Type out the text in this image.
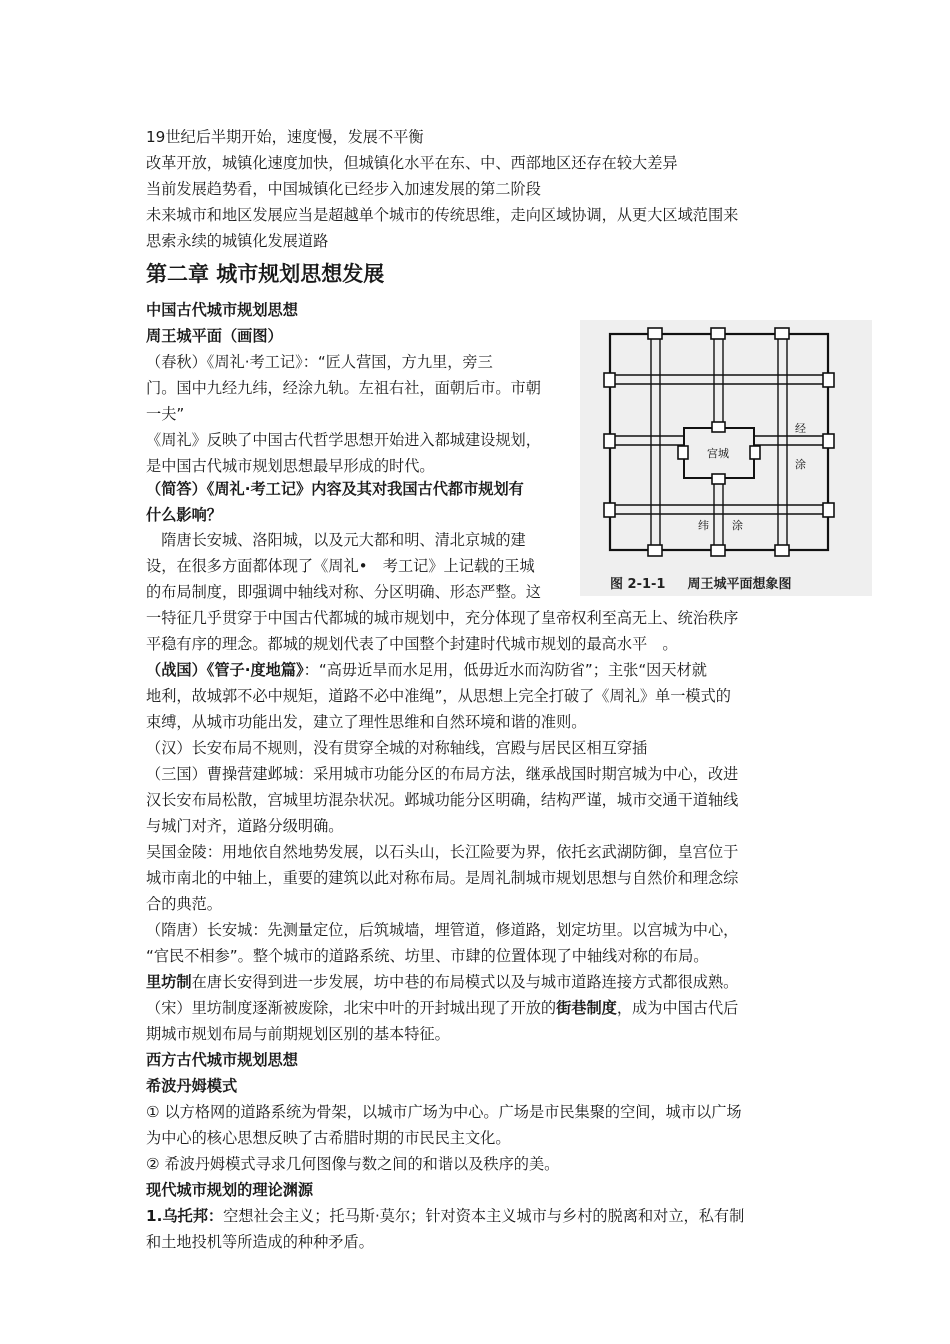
19世纪后半期开始，速度慢，发展不平衡
改革开放，城镇化速度加快，但城镇化水平在东、中、西部地区还存在较大差异
当前发展趋势看，中国城镇化已经步入加速发展的第二阶段
未来城市和地区发展应当是超越单个城市的传统思维，走向区域协调，从更大区域范围来
思索永续的城镇化发展道路
第二章 城市规划思想发展
中国古代城市规划思想
周王城平面（画图）
（春秋）《周礼·考工记》：“匠人营国，方九里，旁三
门。国中九经九纬，经涂九轨。左祖右社，面朝后市。市朝
一夫”
《周礼》反映了中国古代哲学思想开始进入都城建设规划，
是中国古代城市规划思想最早形成的时代。
（简答）《周礼·考工记》内容及其对我国古代都市规划有
什么影响？
　隋唐长安城、洛阳城，以及元大都和明、清北京城的建
设，在很多方面都体现了《周礼•　考工记》上记载的王城
的布局制度，即强调中轴线对称、分区明确、形态严整。这
一特征几乎贯穿于中国古代都城的城市规划中，充分体现了皇帝权利至高无上、统治秩序
平稳有序的理念。都城的规划代表了中国整个封建时代城市规划的最高水平　。
（战国）《管子·度地篇》：“高毋近旱而水足用，低毋近水而沟防省”；主张“因天材就
地利，故城郭不必中规矩，道路不必中准绳”，从思想上完全打破了《周礼》单一模式的
束缚，从城市功能出发，建立了理性思维和自然环境和谐的准则。
（汉）长安布局不规则，没有贯穿全城的对称轴线，宫殿与居民区相互穿插
（三国）曹操营建邺城：采用城市功能分区的布局方法，继承战国时期宫城为中心，改进
汉长安布局松散，宫城里坊混杂状况。邺城功能分区明确，结构严谨，城市交通干道轴线
与城门对齐，道路分级明确。
吴国金陵：用地依自然地势发展，以石头山，长江险要为界，依托玄武湖防御，皇宫位于
城市南北的中轴上，重要的建筑以此对称布局。是周礼制城市规划思想与自然价和理念综
合的典范。
（隋唐）长安城：先测量定位，后筑城墙，埋管道，修道路，划定坊里。以宫城为中心，
“官民不相参”。整个城市的道路系统、坊里、市肆的位置体现了中轴线对称的布局。
里坊制在唐长安得到进一步发展，坊中巷的布局模式以及与城市道路连接方式都很成熟。
（宋）里坊制度逐渐被废除，北宋中叶的开封城出现了开放的街巷制度，成为中国古代后
期城市规划布局与前期规划区别的基本特征。
西方古代城市规划思想
希波丹姆模式
① 以方格网的道路系统为骨架，以城市广场为中心。广场是市民集聚的空间，城市以广场
为中心的核心思想反映了古希腊时期的市民民主文化。
② 希波丹姆模式寻求几何图像与数之间的和谐以及秩序的美。
现代城市规划的理论渊源
1.乌托邦：空想社会主义；托马斯·莫尔；针对资本主义城市与乡村的脱离和对立，私有制
和土地投机等所造成的种种矛盾。
宫城
经
涂
纬 涂
图 2-1-1 周王城平面想象图
